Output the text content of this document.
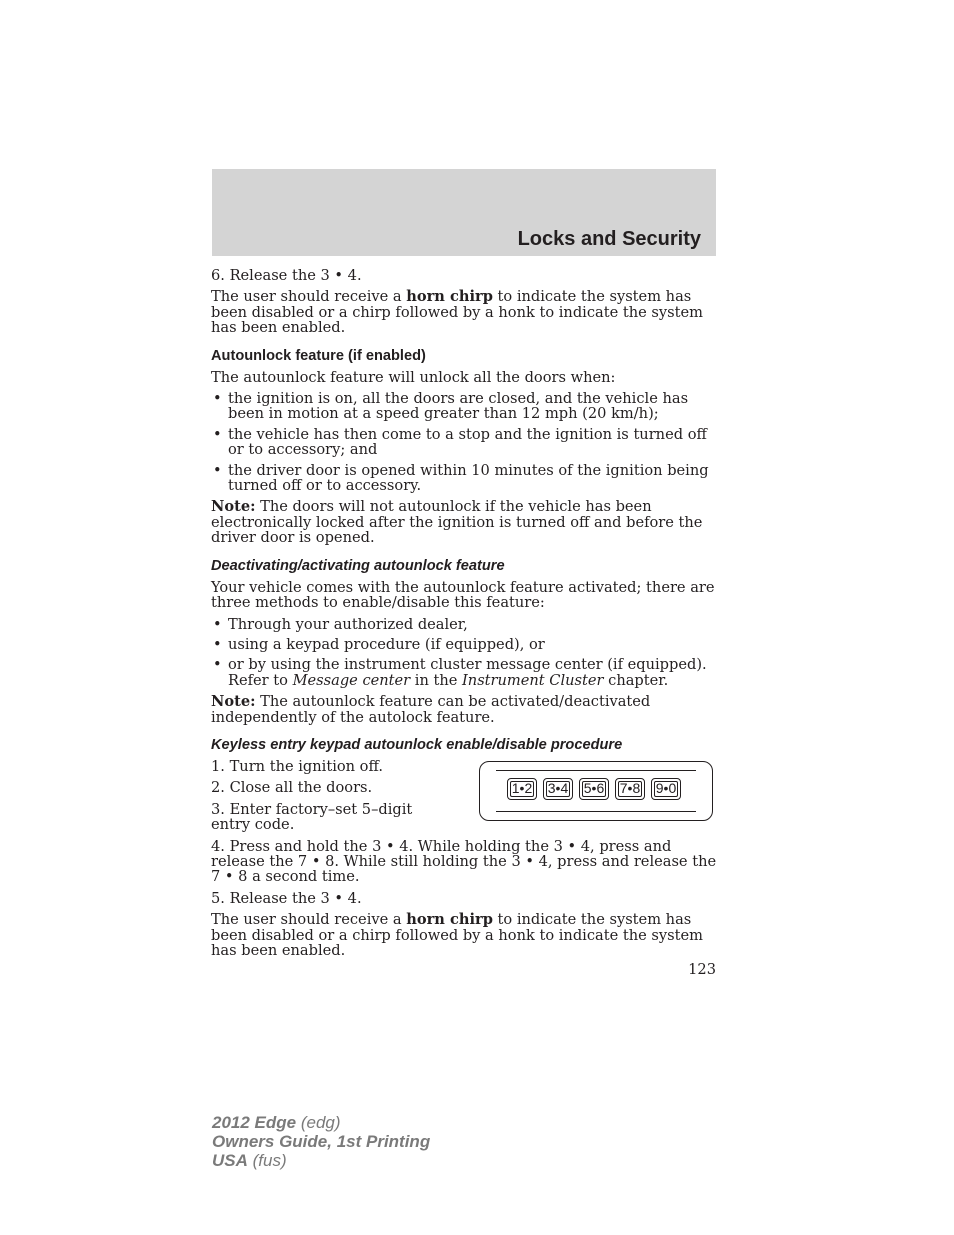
Locks and Security

6. Release the 3 • 4.

The user should receive a horn chirp to indicate the system has been disabled or a chirp followed by a honk to indicate the system has been enabled.

Autounlock feature (if enabled)

The autounlock feature will unlock all the doors when:

• the ignition is on, all the doors are closed, and the vehicle has been in motion at a speed greater than 12 mph (20 km/h);
• the vehicle has then come to a stop and the ignition is turned off or to accessory; and
• the driver door is opened within 10 minutes of the ignition being turned off or to accessory.

Note: The doors will not autounlock if the vehicle has been electronically locked after the ignition is turned off and before the driver door is opened.

Deactivating/activating autounlock feature

Your vehicle comes with the autounlock feature activated; there are three methods to enable/disable this feature:

• Through your authorized dealer,
• using a keypad procedure (if equipped), or
• or by using the instrument cluster message center (if equipped). Refer to Message center in the Instrument Cluster chapter.

Note: The autounlock feature can be activated/deactivated independently of the autolock feature.

Keyless entry keypad autounlock enable/disable procedure

1. Turn the ignition off.

2. Close all the doors.

3. Enter factory–set 5–digit entry code.

1•2	3•4	5•6	7•8	9•0

4. Press and hold the 3 • 4. While holding the 3 • 4, press and release the 7 • 8. While still holding the 3 • 4, press and release the 7 • 8 a second time.

5. Release the 3 • 4.

The user should receive a horn chirp to indicate the system has been disabled or a chirp followed by a honk to indicate the system has been enabled.

123
2012 Edge (edg)
Owners Guide, 1st Printing
USA (fus)
